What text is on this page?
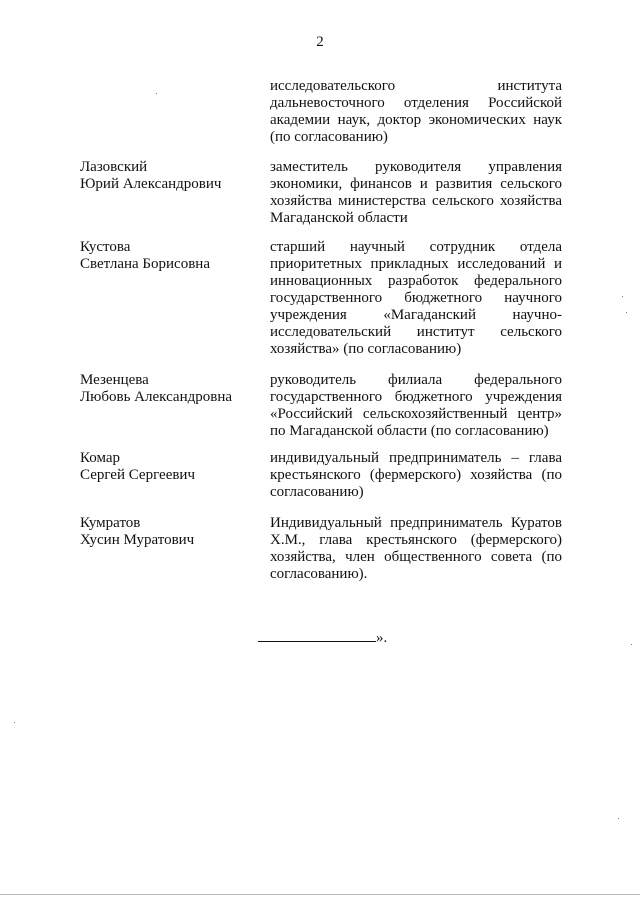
2
исследовательского института дальневосточного отделения Российской академии наук, доктор экономических наук (по согласованию)
Лазовский
Юрий Александрович
заместитель руководителя управления экономики, финансов и развития сельского хозяйства министерства сельского хозяйства Магаданской области
Кустова
Светлана Борисовна
старший научный сотрудник отдела приоритетных прикладных исследований и инновационных разработок федерального государственного бюджетного научного учреждения «Магаданский научно-исследовательский институт сельского хозяйства» (по согласованию)
Мезенцева
Любовь Александровна
руководитель филиала федерального государственного бюджетного учреждения «Российский сельскохозяйственный центр» по Магаданской области (по согласованию)
Комар
Сергей Сергеевич
индивидуальный предприниматель – глава крестьянского (фермерского) хозяйства (по согласованию)
Кумратов
Хусин Муратович
Индивидуальный предприниматель Куратов Х.М., глава крестьянского (фермерского) хозяйства, член общественного совета (по согласованию).
».
